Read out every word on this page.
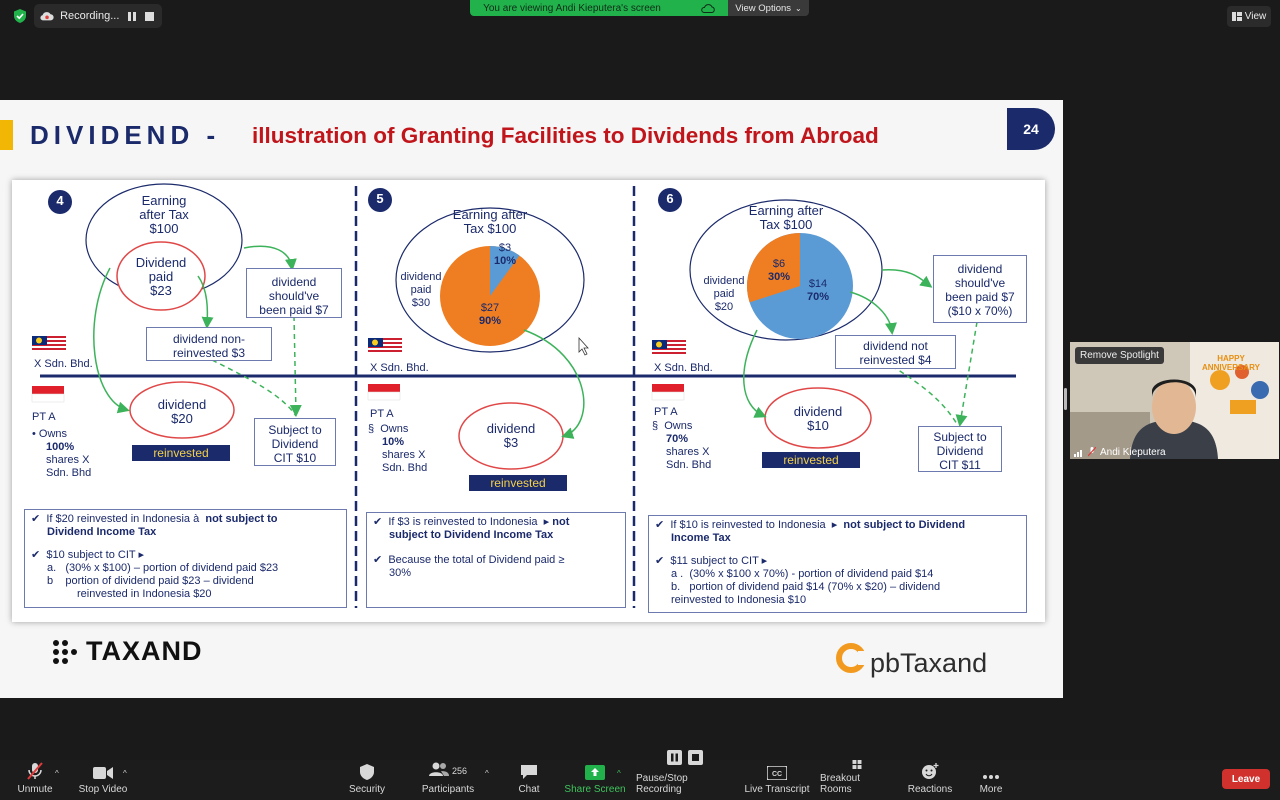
Recording...
You are viewing Andi Kieputera's screen	View Options ⌄
View
DIVIDEND - illustration of Granting Facilities to Dividends from Abroad	24
4	5	6
Earning
after Tax
$100
Dividend
paid
$23
dividend
should've
been paid $7
dividend non-
reinvested $3
X Sdn. Bhd.
PT A
• Owns
100%
shares X
Sdn. Bhd
dividend
$20
reinvested
Subject to
Dividend
CIT $10
✔  If $20 reinvested in Indonesia à not subject to
Dividend Income Tax
✔  $10 subject to CIT ▸
a. (30% x $100) – portion of dividend paid $23
b portion of dividend paid $23 – dividend
reinvested in Indonesia $20
Earning after
Tax $100
$3
10%
$27
90%
dividend
paid
$30
X Sdn. Bhd.
PT A
§  Owns
10%
shares X
Sdn. Bhd
dividend
$3
reinvested
✔  If $3 is reinvested to Indonesia  ▸ not
subject to Dividend Income Tax
✔  Because the total of Dividend paid ≥
30%
Earning after
Tax $100
$6
30%
$14
70%
dividend
paid
$20
dividend
should've
been paid $7
($10 x 70%)
dividend not
reinvested $4
X Sdn. Bhd.
PT A
§  Owns
70%
shares X
Sdn. Bhd
dividend
$10
reinvested
Subject to
Dividend
CIT $11
✔  If $10 is reinvested to Indonesia  ▸  not subject to Dividend
Income Tax
✔  $11 subject to CIT ▸
a . (30% x $100 x 70%) - portion of dividend paid $14
b. portion of dividend paid $14 (70% x $20) – dividend
reinvested to Indonesia $10
TAXAND	pbTaxand
HAPPY ANNIVERSARY
Remove Spotlight
Andi Kieputera
Unmute
^
Stop Video
^
Security
256
Participants
^
Chat Share Screen
^ Pause/Stop Recording
CC
Live Transcript
Breakout Rooms	Reactions	More
Leave
